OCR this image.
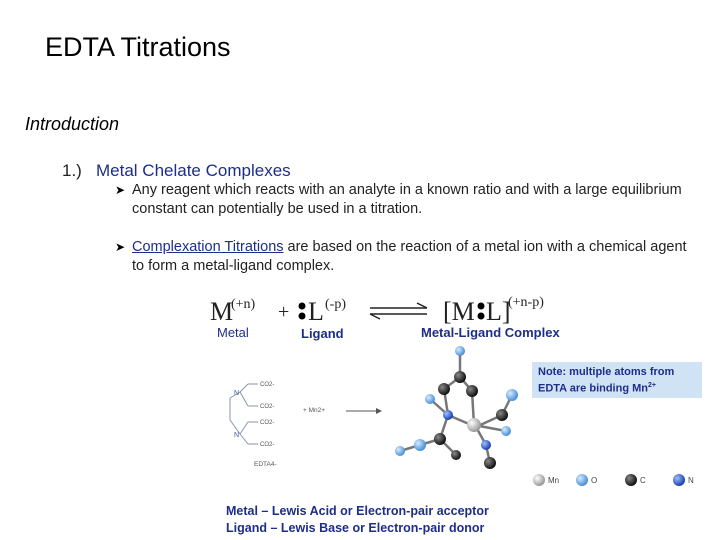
EDTA Titrations
Introduction
1.) Metal Chelate Complexes
➤ Any reagent which reacts with an analyte in a known ratio and with a large equilibrium constant can potentially be used in a titration.
➤ Complexation Titrations are based on the reaction of a metal ion with a chemical agent to form a metal-ligand complex.
M
(+n) + L (-p)	[M L]
(+n-p)
Metal	Ligand	Metal-Ligand Complex
Note: multiple atoms from EDTA are binding $Mn^{2+}$
N
N
CO2-
CO2-
CO2-
CO2-
EDTA4-
+ Mn2+
Mn	O	C	N
Metal – Lewis Acid or Electron-pair acceptor
Ligand – Lewis Base or Electron-pair donor
